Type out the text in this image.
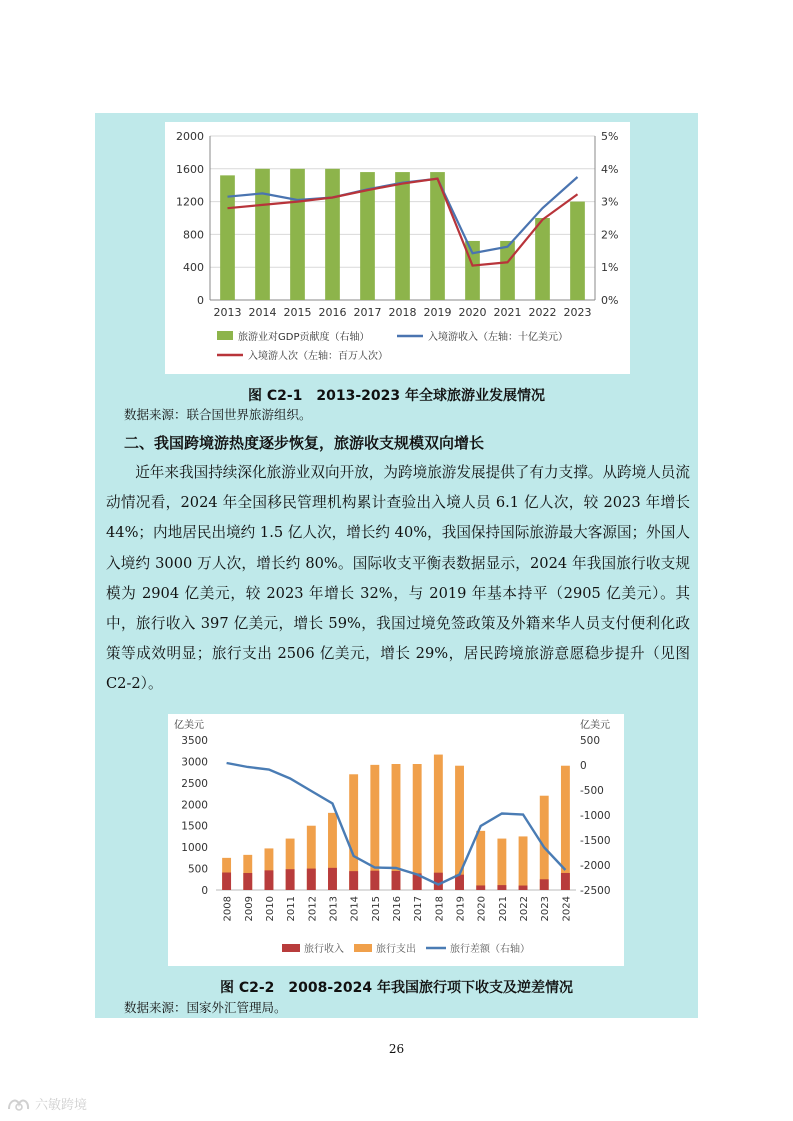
0
400
800
1200
1600
2000
0%
1%
2%
3%
4%
5%
2013 2014 2015 2016 2017 2018 2019 2020 2021 2022 2023
旅游业对GDP贡献度（右轴）	入境游收入（左轴：十亿美元）
入境游人次（左轴：百万人次）
图 C2-1　2013-2023 年全球旅游业发展情况
数据来源：联合国世界旅游组织。
二、我国跨境游热度逐步恢复，旅游收支规模双向增长
近年来我国持续深化旅游业双向开放，为跨境旅游发展提供了有力支撑。从跨境人员流动情况看，2024 年全国移民管理机构累计查验出入境人员 6.1 亿人次，较 2023 年增长 44%；内地居民出境约 1.5 亿人次，增长约 40%，我国保持国际旅游最大客源国；外国人入境约 3000 万人次，增长约 80%。国际收支平衡表数据显示，2024 年我国旅行收支规模为 2904 亿美元，较 2023 年增长 32%，与 2019 年基本持平（2905 亿美元）。其中，旅行收入 397 亿美元，增长 59%，我国过境免签政策及外籍来华人员支付便利化政策等成效明显；旅行支出 2506 亿美元，增长 29%，居民跨境旅游意愿稳步提升（见图 C2-2）。
亿美元	亿美元
0
500
1000
1500
2000
2500
3000
3500
-2500
-2000
-1500
-1000
-500
0
500
2008 2009 2010 2011 2012 2013 2014 2015 2016 2017 2018 2019 2020 2021 2022 2023 2024
旅行收入	旅行支出	旅行差额（右轴）
图 C2-2　2008-2024 年我国旅行项下收支及逆差情况
数据来源：国家外汇管理局。
26
六敏跨境
